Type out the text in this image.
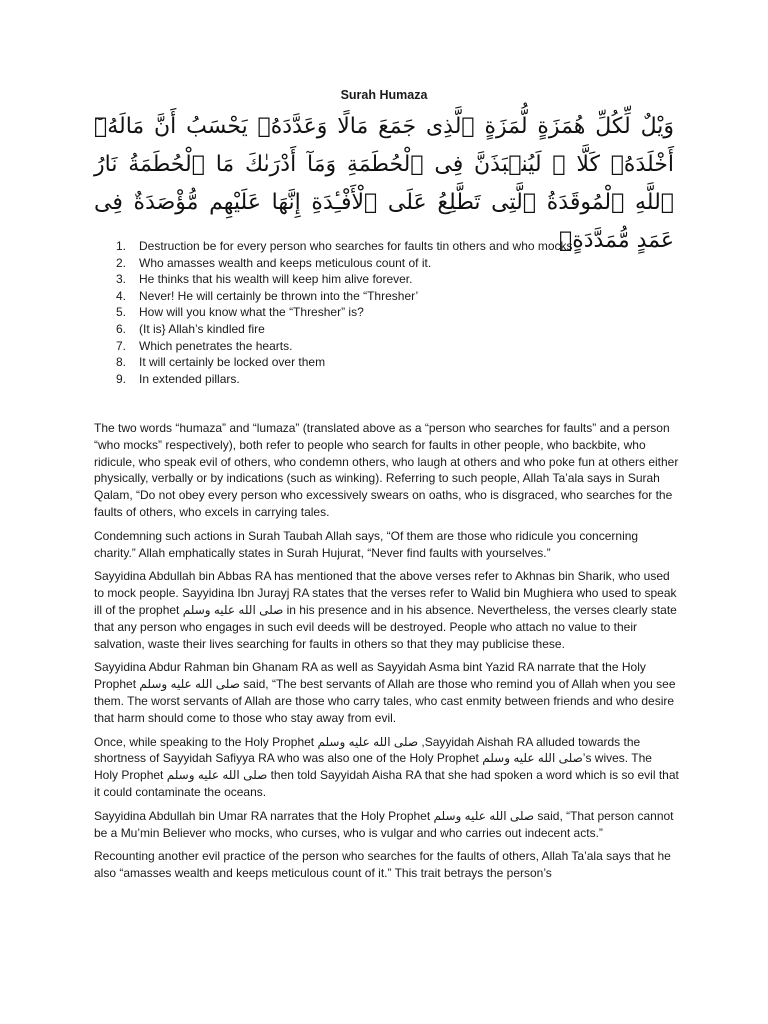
Surah Humaza
وَيْلٌ لِّكُلِّ هُمَزَةٍ لُّمَزَةٍ ٱلَّذِى جَمَعَ مَالًا وَعَدَّدَهُۥ يَحْسَبُ أَنَّ مَالَهُۥٓ أَخْلَدَهُۥ كَلَّا ۖ لَيُنۢبَذَنَّ فِى ٱلْحُطَمَةِ وَمَآ أَدْرَىٰكَ مَا ٱلْحُطَمَةُ نَارُ ٱللَّهِ ٱلْمُوقَدَةُ ٱلَّتِى تَطَّلِعُ عَلَى ٱلْأَفْـِٔدَةِ إِنَّهَا عَلَيْهِم مُّؤْصَدَةٌ فِى عَمَدٍ مُّمَدَّدَةٍۭ
1. Destruction be for every person who searches for faults tin others and who mocks
2. Who amasses wealth and keeps meticulous count of it.
3. He thinks that his wealth will keep him alive forever.
4. Never! He will certainly be thrown into the “Thresher’
5. How will you know what the “Thresher” is?
6. (It is} Allah’s kindled fire
7. Which penetrates the hearts.
8. It will certainly be locked over them
9. In extended pillars.

The two words “humaza” and “lumaza” (translated above as a “person who searches for faults” and a person “who mocks” respectively), both refer to people who search for faults in other people, who backbite, who ridicule, who speak evil of others, who condemn others, who laugh at others and who poke fun at others either physically, verbally or by indications (such as winking). Referring to such people, Allah Ta’ala says in Surah Qalam, “Do not obey every person who excessively swears on oaths, who is disgraced, who searches for the faults of others, who excels in carrying tales.

Condemning such actions in Surah Taubah Allah says, “Of them are those who ridicule you concerning charity.” Allah emphatically states in Surah Hujurat, “Never find faults with yourselves.”

Sayyidina Abdullah bin Abbas RA has mentioned that the above verses refer to Akhnas bin Sharik, who used to mock people. Sayyidina Ibn Jurayj RA states that the verses refer to Walid bin Mughiera who used to speak ill of the prophet صلى الله عليه وسلم in his presence and in his absence. Nevertheless, the verses clearly state that any person who engages in such evil deeds will be destroyed. People who attach no value to their salvation, waste their lives searching for faults in others so that they may publicise these.

Sayyidina Abdur Rahman bin Ghanam RA as well as Sayyidah Asma bint Yazid RA narrate that the Holy Prophet صلى الله عليه وسلم said, “The best servants of Allah are those who remind you of Allah when you see them. The worst servants of Allah are those who carry tales, who cast enmity between friends and who desire that harm should come to those who stay away from evil.

Once, while speaking to the Holy Prophet صلى الله عليه وسلم ,Sayyidah Aishah RA alluded towards the shortness of Sayyidah Safiyya RA who was also one of the Holy Prophet صلى الله عليه وسلم’s wives. The Holy Prophet صلى الله عليه وسلم then told Sayyidah Aisha RA that she had spoken a word which is so evil that it could contaminate the oceans.

Sayyidina Abdullah bin Umar RA narrates that the Holy Prophet صلى الله عليه وسلم said, “That person cannot be a Mu’min Believer who mocks, who curses, who is vulgar and who carries out indecent acts.”

Recounting another evil practice of the person who searches for the faults of others, Allah Ta’ala says that he also “amasses wealth and keeps meticulous count of it.” This trait betrays the person’s
